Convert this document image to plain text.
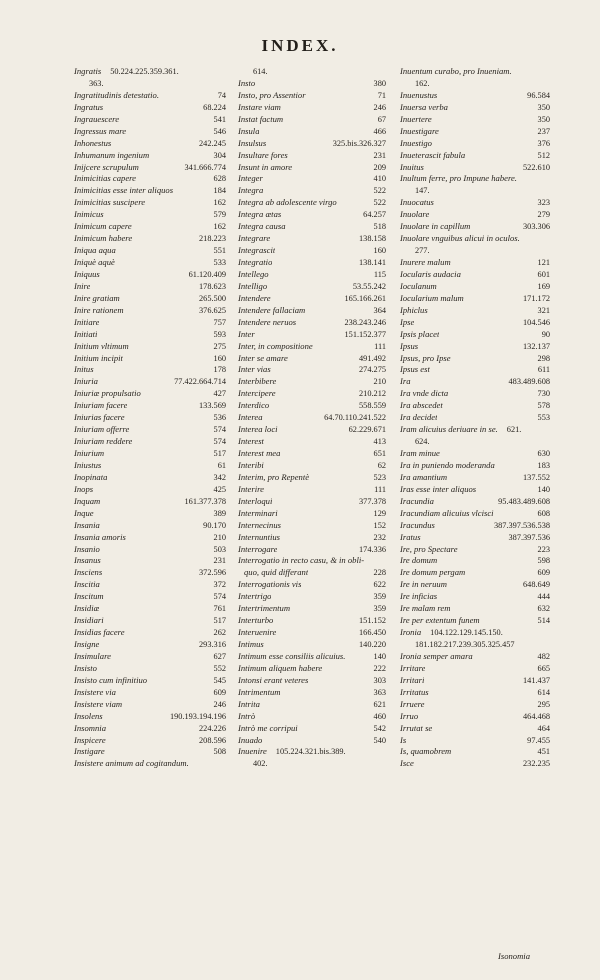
INDEX.
Ingratis	50.224.225.359.361.
363.
Ingratitudinis detestatio.	74
Ingratus	68.224
Ingrauescere	541
Ingressus mare	546
Inhonestus	242.245
Inhumanum ingenium	304
Inijcere scrupulum	341.666.774
Inimicitias capere	628
Inimicitias esse inter aliquos	184
Inimicitias suscipere	162
Inimicus	579
Inimicum capere	162
Inimicum habere	218.223
Iniqua aqua	551
Iniquè aquè	533
Iniquus	61.120.409
Inire	178.623
Inire gratiam	265.500
Inire rationem	376.625
Initiare	757
Initiati	593
Initium vltimum	275
Initium incipit	160
Initus	178
Iniuria	77.422.664.714
Iniuriæ propulsatio	427
Iniuriam facere	133.569
Iniurias facere	536
Iniuriam offerre	574
Iniuriam reddere	574
Iniurium	517
Iniustus	61
Inopinata	342
Inops	425
Inquam	161.377.378
Inque	389
Insania	90.170
Insania amoris	210
Insanio	503
Insanus	231
Insciens	372.596
Inscitia	372
Inscitum	574
Insidiæ	761
Insidiari	517
Insidias facere	262
Insigne	293.316
Insimulare	627
Insisto	552
Insisto cum infinitiuo	545
Insistere via	609
Insistere viam	246
Insolens	190.193.194.196
Insomnia	224.226
Inspicere	208.596
Instigare	508
Insistere animum ad cogitandum.
614.
Insto	380
Insto, pro Assentior	71
Instare viam	246
Instat factum	67
Insula	466
Insulsus	325.bis.326.327
Insultare fores	231
Insunt in amore	209
Integer	410
Integra	522
Integra ab adolescente virgo	522
Integra ætas	64.257
Integra causa	518
Integrare	138.158
Integrascit	160
Integratio	138.141
Intellego	115
Intelligo	53.55.242
Intendere	165.166.261
Intendere fallaciam	364
Intendere neruos	238.243.246
Inter	151.152.377
Inter, in compositione	111
Inter se amare	491.492
Inter vias	274.275
Interbibere	210
Intercipere	210.212
Interdico	558.559
Interea	64.70.110.241.522
Interea loci	62.229.671
Interest	413
Interest mea	651
Interibi	62
Interim, pro Repentè	523
Interire	111
Interloqui	377.378
Interminari	129
Internecinus	152
Internuntius	232
Interrogare	174.336
Interrogatio in recto casu, & in obli-
quo, quid differant	228
Interrogationis vis	622
Intertrigo	359
Intertrimentum	359
Interturbo	151.152
Interuenire	166.450
Intimus	140.220
Intimum esse consiliis alicuius.	140
Intimum aliquem habere	222
Intonsi erant veteres	303
Intrimentum	363
Intrita	621
Intrò	460
Intrò me corripui	542
Inuado	540
Inuenire	105.224.321.bis.389.
402.
Inuentum curabo, pro Inueniam.
162.
Inuenustus	96.584
Inuersa verba	350
Inuertere	350
Inuestigare	237
Inuestigo	376
Inueterascit fabula	512
Inuitus	522.610
Inultum ferre, pro Impune habere.
147.
Inuocatus	323
Inuolare	279
Inuolare in capillum	303.306
Inuolare vnguibus alicui in oculos.
277.
Inurere malum	121
Iocularis audacia	601
Ioculanum	169
Iocularium malum	171.172
Iphiclus	321
Ipse	104.546
Ipsis placet	90
Ipsus	132.137
Ipsus, pro Ipse	298
Ipsus est	611
Ira	483.489.608
Ira vnde dicta	730
Ira abscedet	578
Ira decidet	553
Iram alicuius deriuare in se.	621.
624.
Iram minue	630
Ira in puniendo moderanda	183
Ira amantium	137.552
Iras esse inter aliquos	140
Iracundia	95.483.489.608
Iracundiam alicuius vlcisci	608
Iracundus	387.397.536.538
Iratus	387.397.536
Ire, pro Spectare	223
Ire domum	598
Ire domum pergam	609
Ire in neruum	648.649
Ire inficias	444
Ire malam rem	632
Ire per extentum funem	514
Ironia	104.122.129.145.150.
181.182.217.239.305.325.457
Ironia semper amara	482
Irritare	665
Irritari	141.437
Irritatus	614
Irruere	295
Irruo	464.468
Irrutat se	464
Is	97.455
Is, quamobrem	451
Isce	232.235
Isonomia
